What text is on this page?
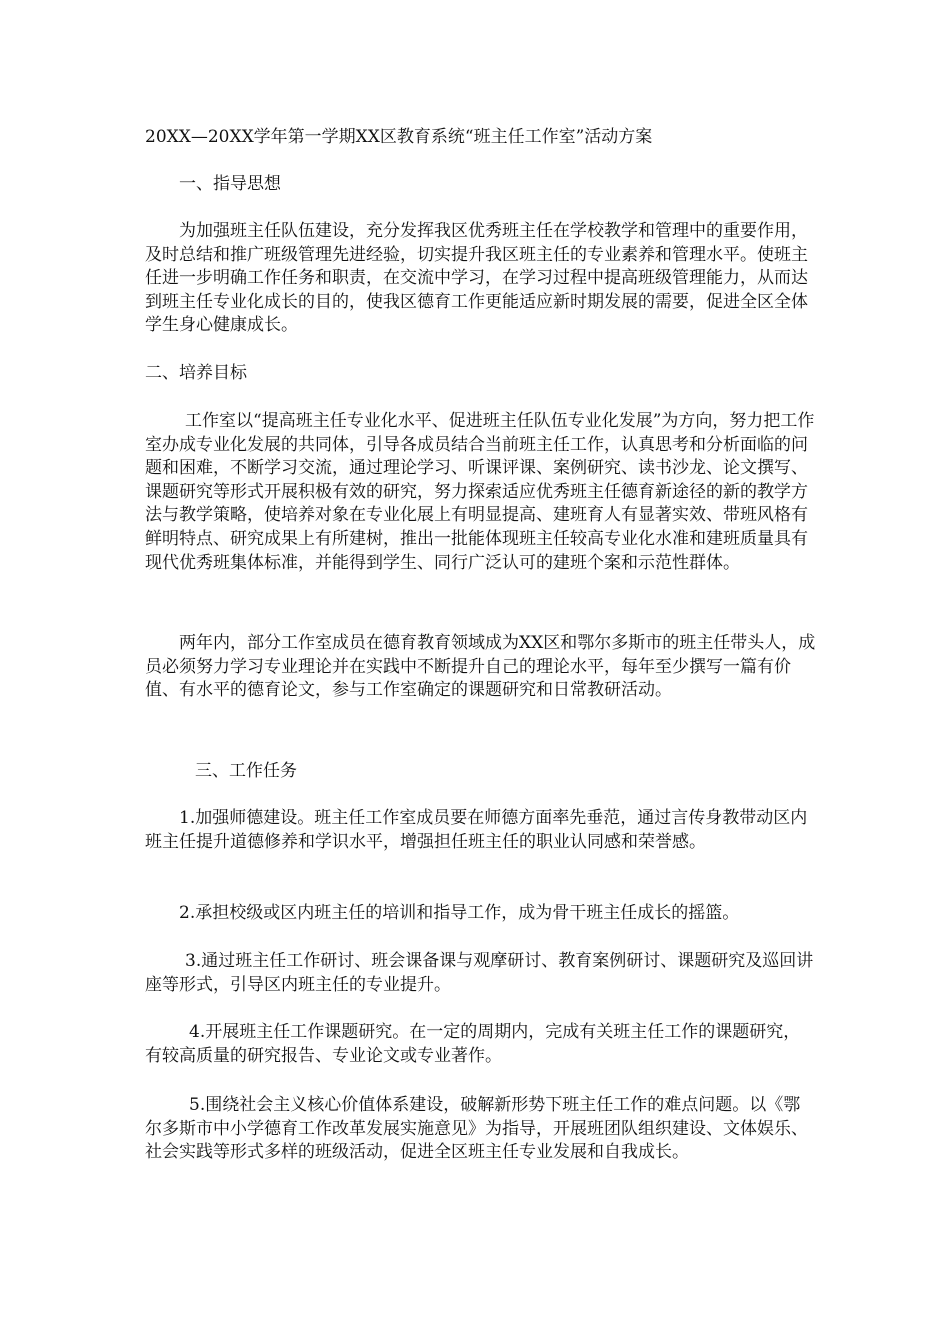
20XX—20XX学年第一学期XX区教育系统“班主任工作室”活动方案

一、指导思想

为加强班主任队伍建设，充分发挥我区优秀班主任在学校教学和管理中的重要作用，及时总结和推广班级管理先进经验，切实提升我区班主任的专业素养和管理水平。使班主任进一步明确工作任务和职责，在交流中学习，在学习过程中提高班级管理能力，从而达到班主任专业化成长的目的，使我区德育工作更能适应新时期发展的需要，促进全区全体学生身心健康成长。

二、培养目标

工作室以“提高班主任专业化水平、促进班主任队伍专业化发展”为方向，努力把工作室办成专业化发展的共同体，引导各成员结合当前班主任工作，认真思考和分析面临的问题和困难，不断学习交流，通过理论学习、听课评课、案例研究、读书沙龙、论文撰写、课题研究等形式开展积极有效的研究，努力探索适应优秀班主任德育新途径的新的教学方法与教学策略，使培养对象在专业化展上有明显提高、建班育人有显著实效、带班风格有鲜明特点、研究成果上有所建树，推出一批能体现班主任较高专业化水准和建班质量具有现代优秀班集体标准，并能得到学生、同行广泛认可的建班个案和示范性群体。

两年内，部分工作室成员在德育教育领域成为XX区和鄂尔多斯市的班主任带头人，成员必须努力学习专业理论并在实践中不断提升自己的理论水平，每年至少撰写一篇有价值、有水平的德育论文，参与工作室确定的课题研究和日常教研活动。

三、工作任务

1.加强师德建设。班主任工作室成员要在师德方面率先垂范，通过言传身教带动区内班主任提升道德修养和学识水平，增强担任班主任的职业认同感和荣誉感。

2.承担校级或区内班主任的培训和指导工作，成为骨干班主任成长的摇篮。

3.通过班主任工作研讨、班会课备课与观摩研讨、教育案例研讨、课题研究及巡回讲座等形式，引导区内班主任的专业提升。

4.开展班主任工作课题研究。在一定的周期内，完成有关班主任工作的课题研究，有较高质量的研究报告、专业论文或专业著作。

5.围绕社会主义核心价值体系建设，破解新形势下班主任工作的难点问题。以《鄂尔多斯市中小学德育工作改革发展实施意见》为指导，开展班团队组织建设、文体娱乐、社会实践等形式多样的班级活动，促进全区班主任专业发展和自我成长。
